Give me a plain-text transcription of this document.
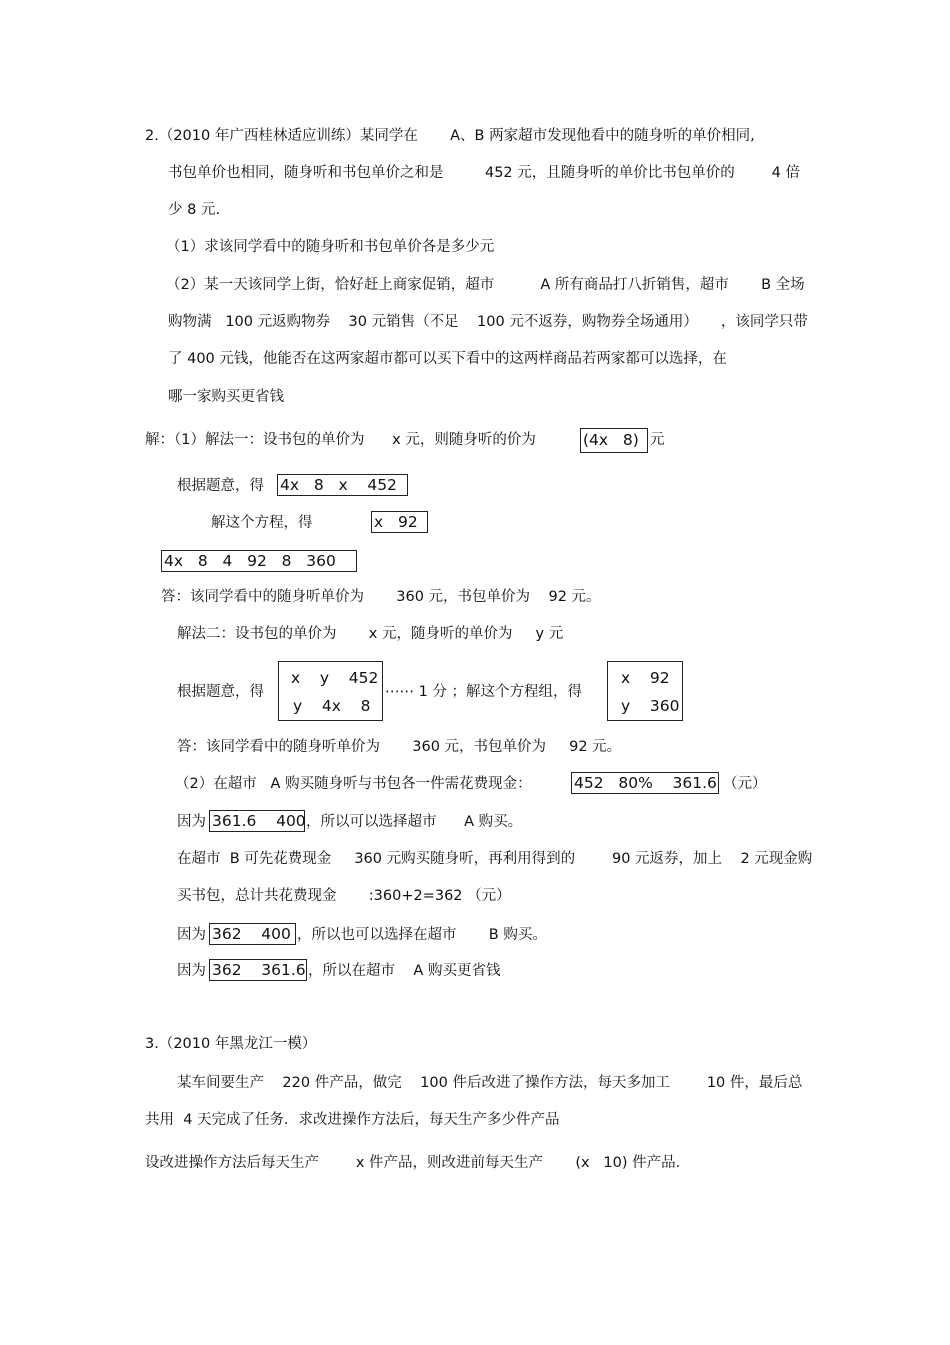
2.（2010 年广西桂林适应训练）某同学在       A、B 两家超市发现他看中的随身听的单价相同,
书包单价也相同，随身听和书包单价之和是         452 元，且随身听的单价比书包单价的        4 倍
少 8 元.
（1）求该同学看中的随身听和书包单价各是多少元
（2）某一天该同学上街，恰好赶上商家促销，超市          A 所有商品打八折销售，超市       B 全场
购物满   100 元返购物券    30 元销售（不足    100 元不返券，购物券全场通用）     ，该同学只带
了 400 元钱，他能否在这两家超市都可以买下看中的这两样商品若两家都可以选择，在
哪一家购买更省钱
解：（1）解法一：设书包的单价为      x 元，则随身听的价为	(4x   8) 元
根据题意，得 4x   8   x    452
解这个方程，得	x   92
4x   8   4   92   8   360
答：该同学看中的随身听单价为       360 元，书包单价为    92 元。
解法二：设书包的单价为       x 元，随身听的单价为     y 元
根据题意，得
x    y    452
y    4x    8
⋯⋯ 1 分 ；解这个方程组，得
x    92
y    360
答：该同学看中的随身听单价为       360 元，书包单价为     92 元。
（2）在超市   A 购买随身听与书包各一件需花费现金：	452   80%    361.6 （元）
因为 361.6    400 ，所以可以选择超市      A 购买。
在超市  B 可先花费现金     360 元购买随身听，再利用得到的        90 元返券，加上    2 元现金购
买书包，总计共花费现金       :360+2=362 （元）
因为 362    400 ，所以也可以选择在超市       B 购买。
因为 362    361.6 ，所以在超市    A 购买更省钱
3.（2010 年黑龙江一模）
某车间要生产    220 件产品，做完    100 件后改进了操作方法，每天多加工        10 件，最后总
共用  4 天完成了任务．求改进操作方法后，每天生产多少件产品
设改进操作方法后每天生产        x 件产品，则改进前每天生产       (x   10) 件产品.
